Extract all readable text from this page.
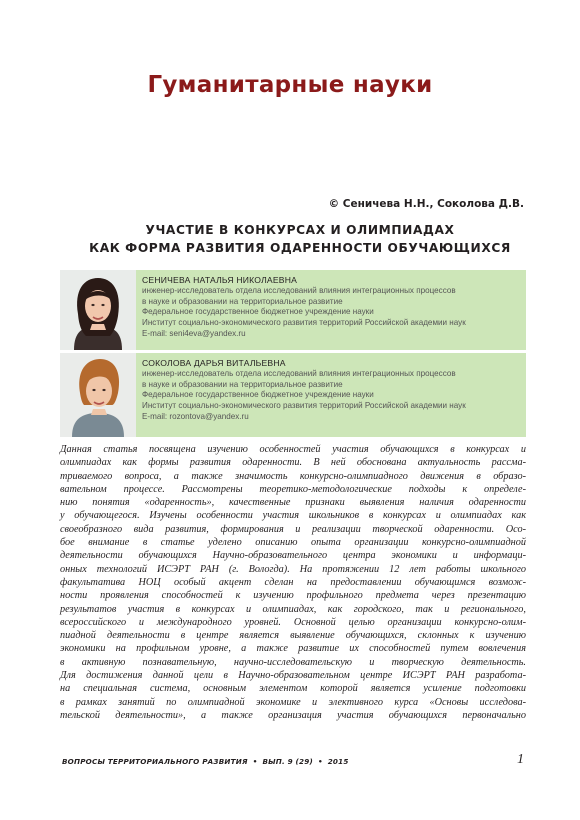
Гуманитарные науки
© Сеничева Н.Н., Соколова Д.В.
УЧАСТИЕ В КОНКУРСАХ И ОЛИМПИАДАХ
КАК ФОРМА РАЗВИТИЯ ОДАРЕННОСТИ ОБУЧАЮЩИХСЯ
СЕНИЧЕВА НАТАЛЬЯ НИКОЛАЕВНА
инженер-исследователь отдела исследований влияния интеграционных процессов
в науке и образовании на территориальное развитие
Федеральное государственное бюджетное учреждение науки
Институт социально-экономического развития территорий Российской академии наук
E-mail: seni4eva@yandex.ru
СОКОЛОВА ДАРЬЯ ВИТАЛЬЕВНА
инженер-исследователь отдела исследований влияния интеграционных процессов
в науке и образовании на территориальное развитие
Федеральное государственное бюджетное учреждение науки
Институт социально-экономического развития территорий Российской академии наук
E-mail: rozontova@yandex.ru
Данная статья посвящена изучению особенностей участия обучающихся в конкурсах и
олимпиадах как формы развития одаренности. В ней обоснована актуальность рассма-
триваемого вопроса, а также значимость конкурсно-олимпиадного движения в образо-
вательном процессе. Рассмотрены теоретико-методологические подходы к определе-
нию понятия «одаренность», качественные признаки выявления наличия одаренности
у обучающегося. Изучены особенности участия школьников в конкурсах и олимпиадах как
своеобразного вида развития, формирования и реализации творческой одаренности. Осо-
бое внимание в статье уделено описанию опыта организации конкурсно-олимпиадной
деятельности обучающихся Научно-образовательного центра экономики и информаци-
онных технологий ИСЭРТ РАН (г. Вологда). На протяжении 12 лет работы школьного
факультатива НОЦ особый акцент сделан на предоставлении обучающимся возмож-
ности проявления способностей к изучению профильного предмета через презентацию
результатов участия в конкурсах и олимпиадах, как городского, так и регионального,
всероссийского и международного уровней. Основной целью организации конкурсно-олим-
пиадной деятельности в центре является выявление обучающихся, склонных к изучению
экономики на профильном уровне, а также развитие их способностей путем вовлечения
в активную познавательную, научно-исследовательскую и творческую деятельность.
Для достижения данной цели в Научно-образовательном центре ИСЭРТ РАН разработа-
на специальная система, основным элементом которой является усиление подготовки
в рамках занятий по олимпиадной экономике и элективного курса «Основы исследова-
тельской деятельности», а также организация участия обучающихся первоначально
ВОПРОСЫ ТЕРРИТОРИАЛЬНОГО РАЗВИТИЯ • ВЫП. 9 (29) • 2015	1
